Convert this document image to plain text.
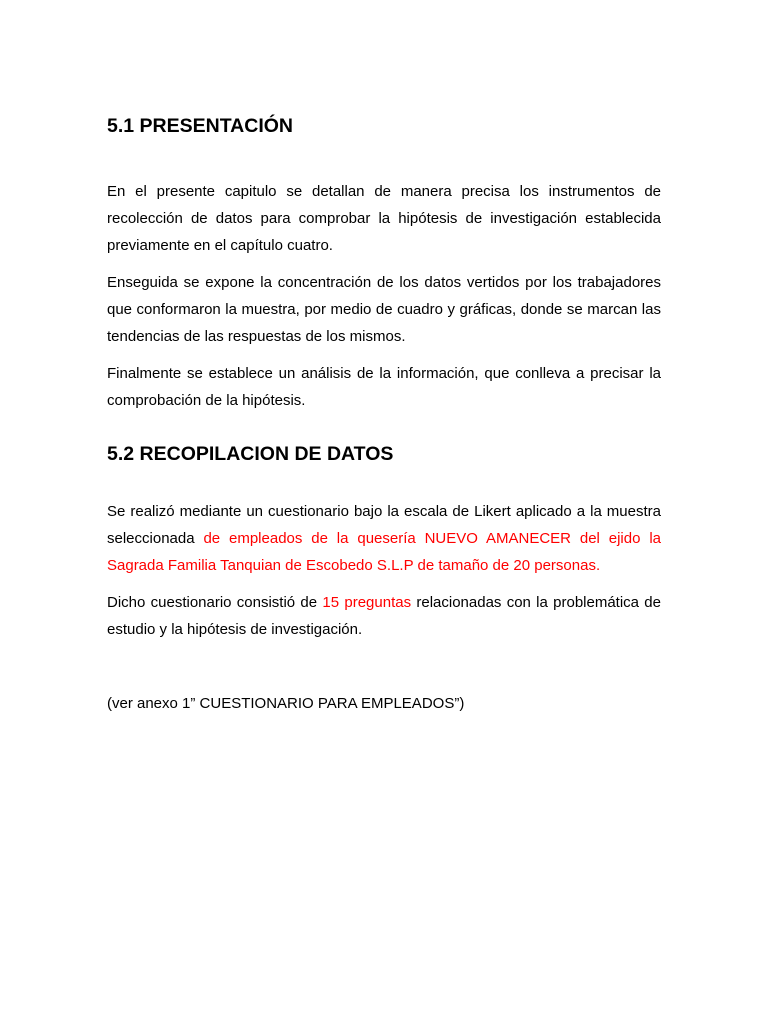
5.1 PRESENTACIÓN

En el presente capitulo se detallan de manera precisa los instrumentos de recolección de datos para comprobar la hipótesis de investigación establecida previamente en el capítulo cuatro.

Enseguida se expone la concentración de los datos vertidos por los trabajadores que conformaron la muestra, por medio de cuadro y gráficas, donde se marcan las tendencias de las respuestas de los mismos.

Finalmente se establece un análisis de la información, que conlleva a precisar la comprobación de la hipótesis.

5.2 RECOPILACION DE DATOS

Se realizó mediante un cuestionario bajo la escala de Likert aplicado a la muestra seleccionada de empleados de la quesería NUEVO AMANECER del ejido la Sagrada Familia Tanquian de Escobedo S.L.P de tamaño de 20 personas.

Dicho cuestionario consistió de 15 preguntas relacionadas con la problemática de estudio y la hipótesis de investigación.

(ver anexo 1” CUESTIONARIO PARA EMPLEADOS”)
